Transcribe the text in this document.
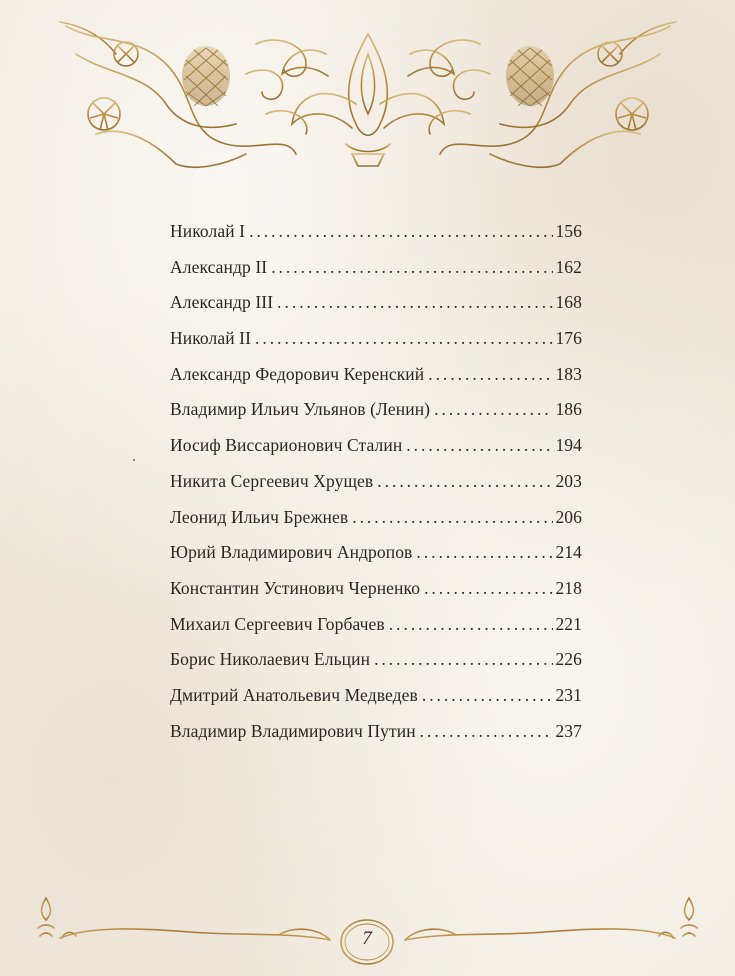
Николай I . . .	156
Александр II . . .	162
Александр III . . .	168
Николай II . . .	176
Александр Федорович Керенский . . .	183
Владимир Ильич Ульянов (Ленин) . . .	186
Иосиф Виссарионович Сталин . . .	194
Никита Сергеевич Хрущев . . .	203
Леонид Ильич Брежнев . . .	206
Юрий Владимирович Андропов . . .	214
Константин Устинович Черненко . . .	218
Михаил Сергеевич Горбачев . . .	221
Борис Николаевич Ельцин . . .	226
Дмитрий Анатольевич Медведев . . .	231
Владимир Владимирович Путин . . .	237
7
